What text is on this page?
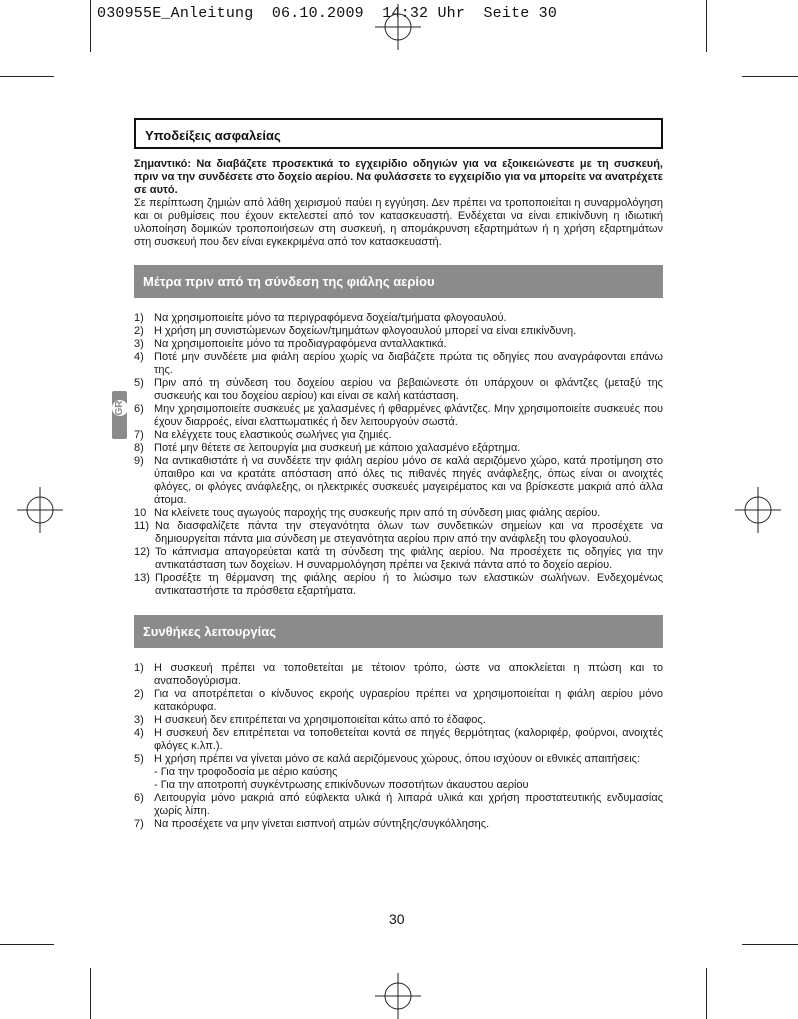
030955E_Anleitung  06.10.2009  14:32 Uhr  Seite 30
GR
Υποδείξεις ασφαλείας
Σημαντικό: Να διαβάζετε προσεκτικά το εγχειρίδιο οδηγιών για να εξοικειώνεστε με τη συσκευή, πριν να την συνδέσετε στο δοχείο αερίου. Να φυλάσσετε το εγχειρίδιο για να μπορείτε να ανατρέχετε σε αυτό.
Σε περίπτωση ζημιών από λάθη χειρισμού παύει η εγγύηση. Δεν πρέπει να τροποποιείται η συναρμολόγηση και οι ρυθμίσεις που έχουν εκτελεστεί από τον κατασκευαστή. Ενδέχεται να είναι επικίνδυνη η ιδιωτική υλοποίηση δομικών τροποποιήσεων στη συσκευή, η απομάκρυνση εξαρτημάτων ή η χρήση εξαρτημάτων στη συσκευή που δεν είναι εγκεκριμένα από τον κατασκευαστή.
Μέτρα πριν από τη σύνδεση της φιάλης αερίου
1) Να χρησιμοποιείτε μόνο τα περιγραφόμενα δοχεία/τμήματα φλογοαυλού.
2) Η χρήση μη συνιστώμενων δοχείων/τμημάτων φλογοαυλού μπορεί να είναι επικίνδυνη.
3) Να χρησιμοποιείτε μόνο τα προδιαγραφόμενα ανταλλακτικά.
4) Ποτέ μην συνδέετε μια φιάλη αερίου χωρίς να διαβάζετε πρώτα τις οδηγίες που αναγράφονται επάνω της.
5) Πριν από τη σύνδεση του δοχείου αερίου να βεβαιώνεστε ότι υπάρχουν οι φλάντζες (μεταξύ της συσκευής και του δοχείου αερίου) και είναι σε καλή κατάσταση.
6) Μην χρησιμοποιείτε συσκευές με χαλασμένες ή φθαρμένες φλάντζες. Μην χρησιμοποιείτε συσκευές που έχουν διαρροές, είναι ελαττωματικές ή δεν λειτουργούν σωστά.
7) Να ελέγχετε τους ελαστικούς σωλήνες για ζημιές.
8) Ποτέ μην θέτετε σε λειτουργία μια συσκευή με κάποιο χαλασμένο εξάρτημα.
9) Να αντικαθιστάτε ή να συνδέετε την φιάλη αερίου μόνο σε καλά αεριζόμενο χώρο, κατά προτίμηση στο ύπαιθρο και να κρατάτε απόσταση από όλες τις πιθανές πηγές ανάφλεξης, όπως είναι οι ανοιχτές φλόγες, οι φλόγες ανάφλεξης, οι ηλεκτρικές συσκευές μαγειρέματος και να βρίσκεστε μακριά από άλλα άτομα.
10 Να κλείνετε τους αγωγούς παροχής της συσκευής πριν από τη σύνδεση μιας φιάλης αερίου.
11) Να διασφαλίζετε πάντα την στεγανότητα όλων των συνδετικών σημείων και να προσέχετε να δημιουργείται πάντα μια σύνδεση με στεγανότητα αερίου πριν από την ανάφλεξη του φλογοαυλού.
12) Το κάπνισμα απαγορεύεται κατά τη σύνδεση της φιάλης αερίου. Να προσέχετε τις οδηγίες για την αντικατάσταση των δοχείων. Η συναρμολόγηση πρέπει να ξεκινά πάντα από το δοχείο αερίου.
13) Προσέξτε τη θέρμανση της φιάλης αερίου ή το λιώσιμο των ελαστικών σωλήνων. Ενδεχομένως αντικαταστήστε τα πρόσθετα εξαρτήματα.
Συνθήκες λειτουργίας
1) Η συσκευή πρέπει να τοποθετείται με τέτοιον τρόπο, ώστε να αποκλείεται η πτώση και το αναποδογύρισμα.
2) Για να αποτρέπεται ο κίνδυνος εκροής υγραερίου πρέπει να χρησιμοποιείται η φιάλη αερίου μόνο κατακόρυφα.
3) Η συσκευή δεν επιτρέπεται να χρησιμοποιείται κάτω από το έδαφος.
4) Η συσκευή δεν επιτρέπεται να τοποθετείται κοντά σε πηγές θερμότητας (καλοριφέρ, φούρνοι, ανοιχτές φλόγες κ.λπ.).
5) Η χρήση πρέπει να γίνεται μόνο σε καλά αεριζόμενους χώρους, όπου ισχύουν οι εθνικές απαιτήσεις:
- Για την τροφοδοσία με αέριο καύσης
- Για την αποτροπή συγκέντρωσης επικίνδυνων ποσοτήτων άκαυστου αερίου
6) Λειτουργία μόνο μακριά από εύφλεκτα υλικά ή λιπαρά υλικά και χρήση προστατευτικής ενδυμασίας χωρίς λίπη.
7) Να προσέχετε να μην γίνεται εισπνοή ατμών σύντηξης/συγκόλλησης.
30
